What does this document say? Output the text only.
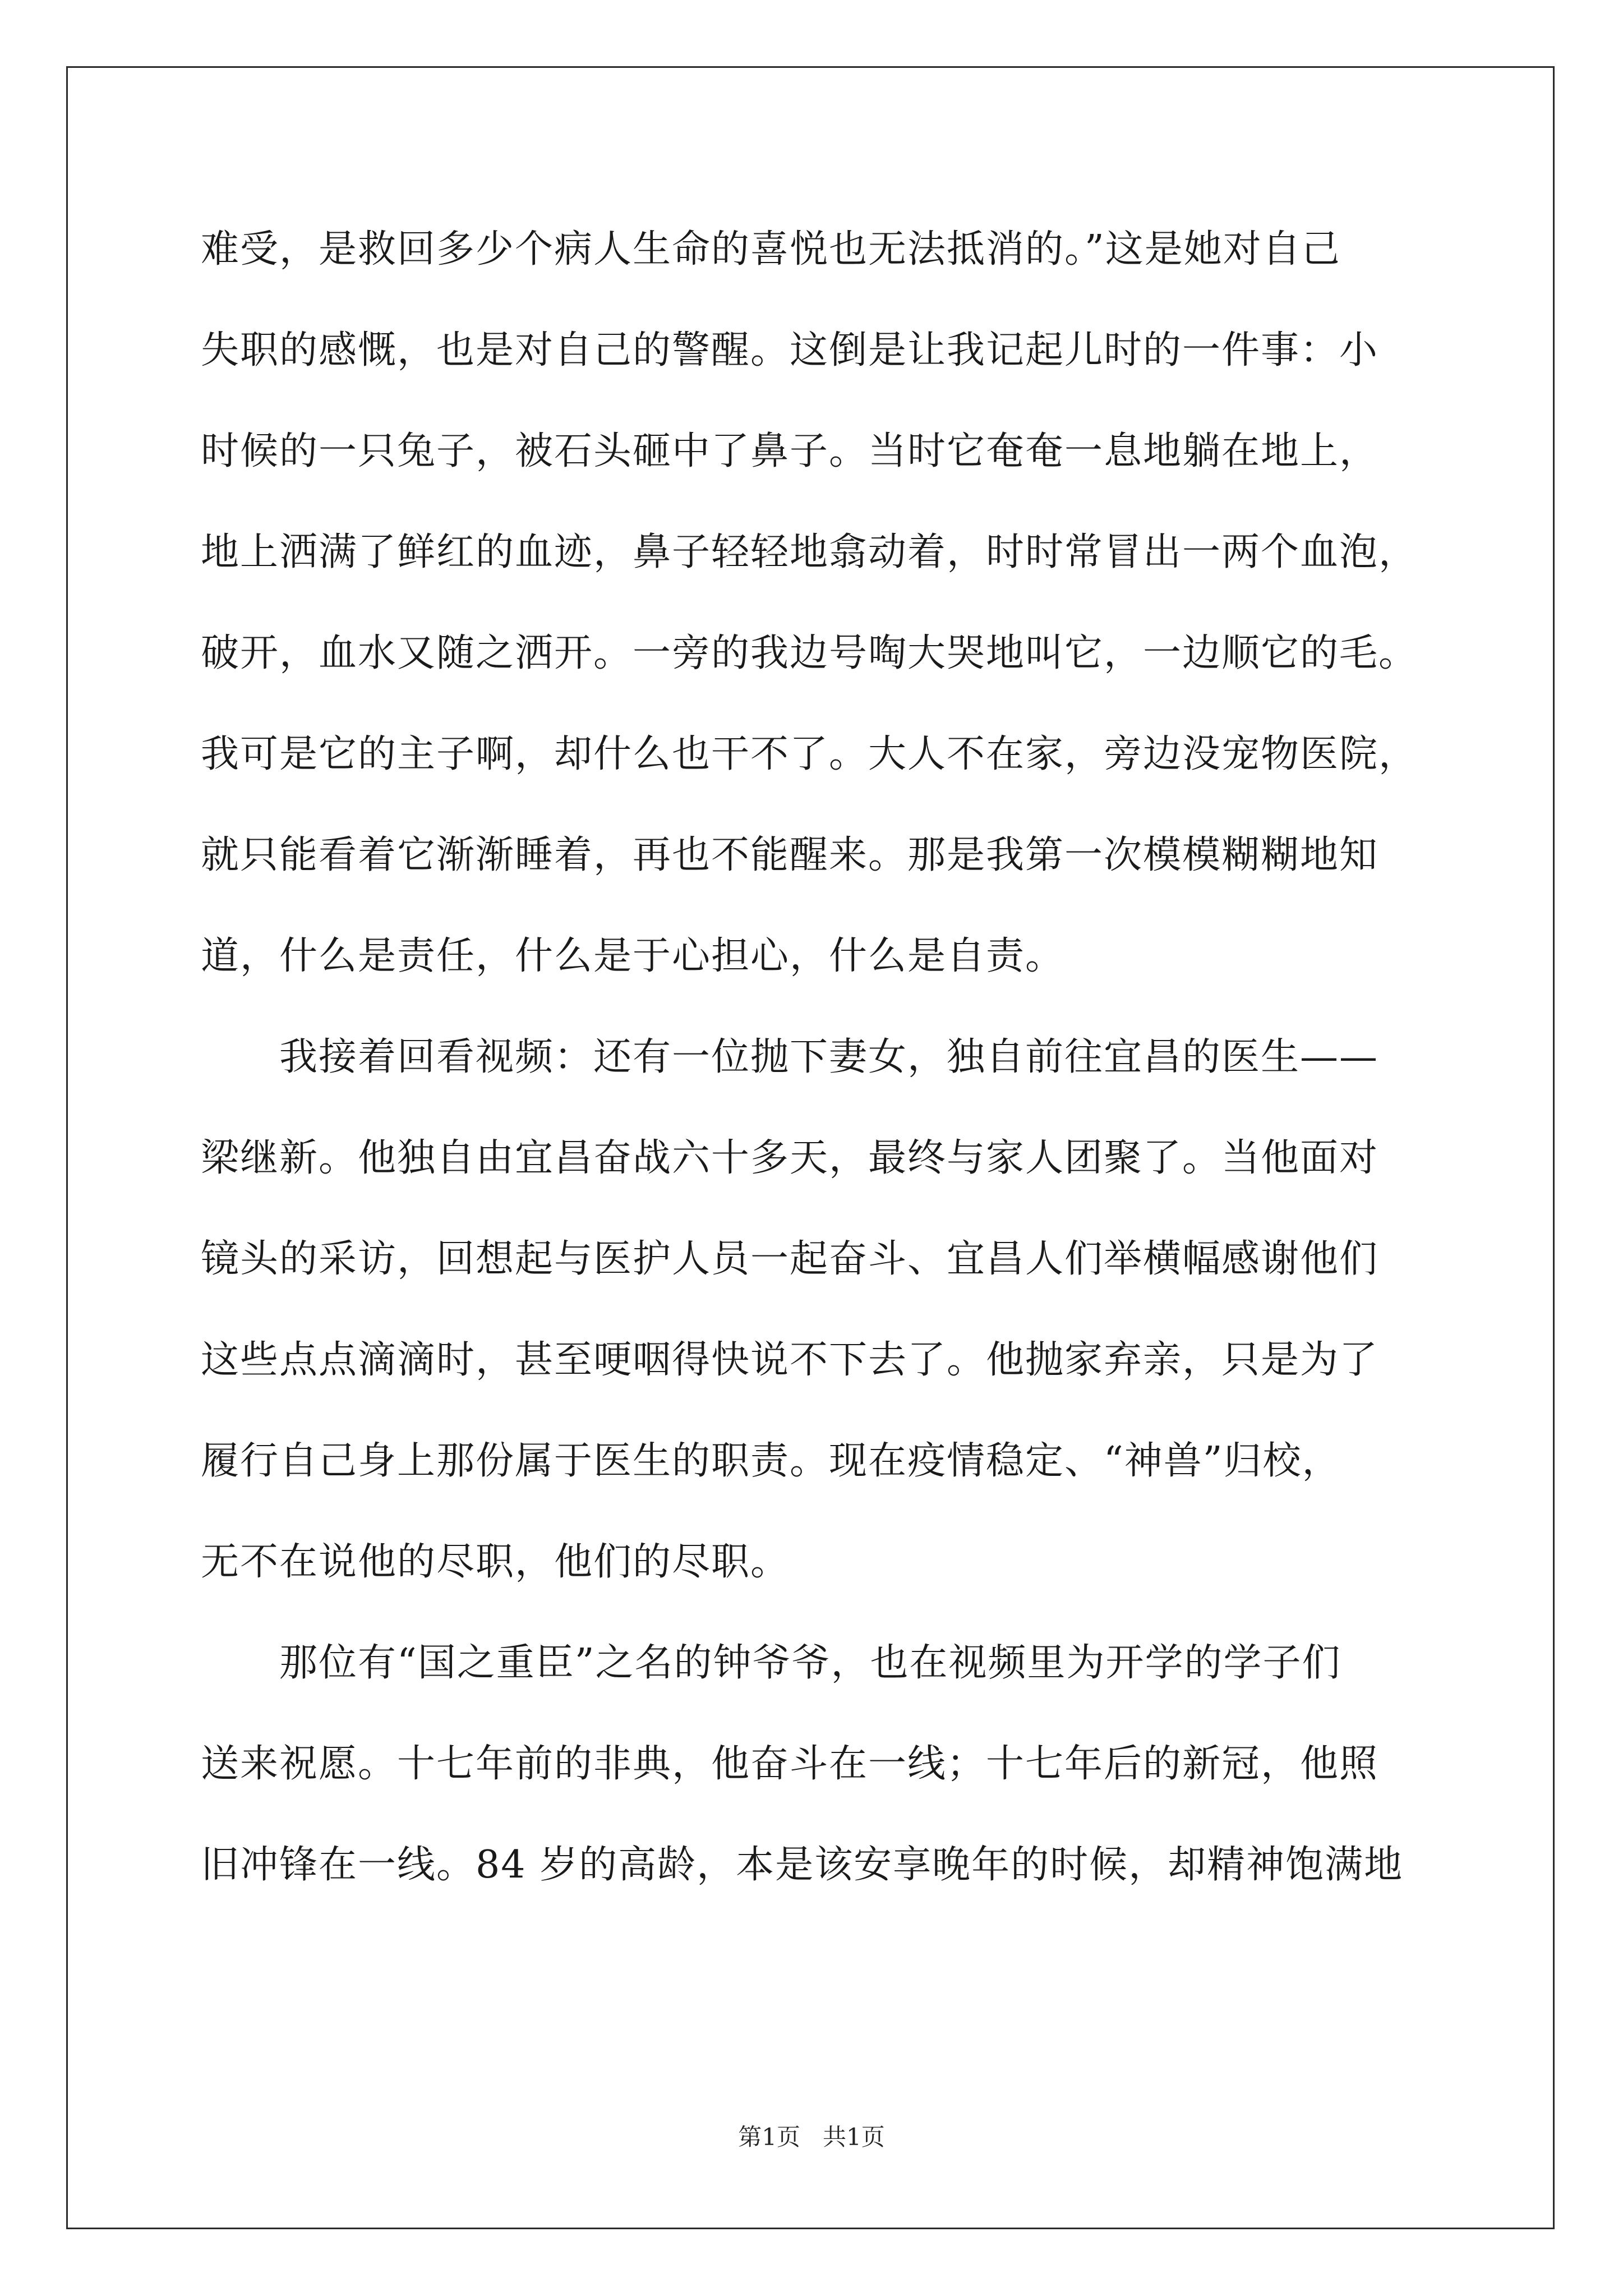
难受，是救回多少个病人生命的喜悦也无法抵消的。”这是她对自己
失职的感慨，也是对自己的警醒。这倒是让我记起儿时的一件事：小
时候的一只兔子，被石头砸中了鼻子。当时它奄奄一息地躺在地上，
地上洒满了鲜红的血迹，鼻子轻轻地翕动着，时时常冒出一两个血泡，
破开，血水又随之洒开。一旁的我边号啕大哭地叫它，一边顺它的毛。
我可是它的主子啊，却什么也干不了。大人不在家，旁边没宠物医院，
就只能看着它渐渐睡着，再也不能醒来。那是我第一次模模糊糊地知
道，什么是责任，什么是于心担心，什么是自责。
我接着回看视频：还有一位抛下妻女，独自前往宜昌的医生——
梁继新。他独自由宜昌奋战六十多天，最终与家人团聚了。当他面对
镜头的采访，回想起与医护人员一起奋斗、宜昌人们举横幅感谢他们
这些点点滴滴时，甚至哽咽得快说不下去了。他抛家弃亲，只是为了
履行自己身上那份属于医生的职责。现在疫情稳定、“神兽”归校，
无不在说他的尽职，他们的尽职。
那位有“国之重臣”之名的钟爷爷，也在视频里为开学的学子们
送来祝愿。十七年前的非典，他奋斗在一线；十七年后的新冠，他照
旧冲锋在一线。84 岁的高龄，本是该安享晚年的时候，却精神饱满地
第1页   共1页
